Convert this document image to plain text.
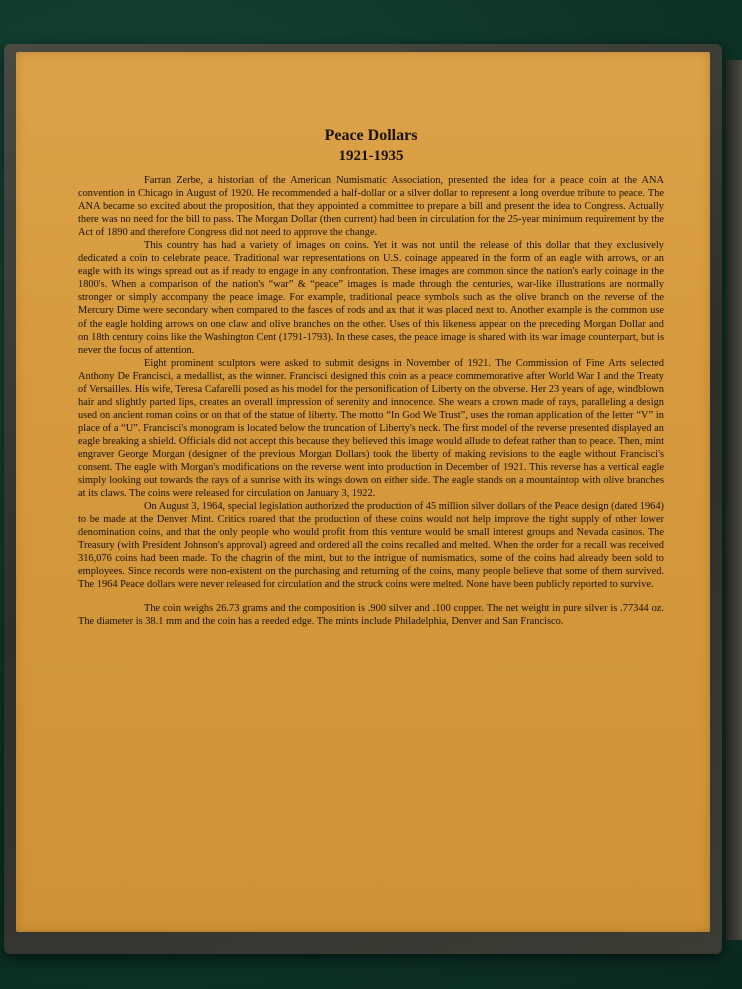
Peace Dollars

1921-1935

Farran Zerbe, a historian of the American Numismatic Association, presented the idea for a peace coin at the ANA convention in Chicago in August of 1920. He recommended a half-dollar or a silver dollar to represent a long overdue tribute to peace. The ANA became so excited about the proposition, that they appointed a committee to prepare a bill and present the idea to Congress. Actually there was no need for the bill to pass. The Morgan Dollar (then current) had been in circulation for the 25-year minimum requirement by the Act of 1890 and therefore Congress did not need to approve the change.

This country has had a variety of images on coins. Yet it was not until the release of this dollar that they exclusively dedicated a coin to celebrate peace. Traditional war representations on U.S. coinage appeared in the form of an eagle with arrows, or an eagle with its wings spread out as if ready to engage in any confrontation. These images are common since the nation's early coinage in the 1800's. When a comparison of the nation's “war” & “peace” images is made through the centuries, war-like illustrations are normally stronger or simply accompany the peace image. For example, traditional peace symbols such as the olive branch on the reverse of the Mercury Dime were secondary when compared to the fasces of rods and ax that it was placed next to. Another example is the common use of the eagle holding arrows on one claw and olive branches on the other. Uses of this likeness appear on the preceding Morgan Dollar and on 18th century coins like the Washington Cent (1791-1793). In these cases, the peace image is shared with its war image counterpart, but is never the focus of attention.

Eight prominent sculptors were asked to submit designs in November of 1921. The Commission of Fine Arts selected Anthony De Francisci, a medallist, as the winner. Francisci designed this coin as a peace commemorative after World War I and the Treaty of Versailles. His wife, Teresa Cafarelli posed as his model for the personification of Liberty on the obverse. Her 23 years of age, windblown hair and slightly parted lips, creates an overall impression of serenity and innocence. She wears a crown made of rays, paralleling a design used on ancient roman coins or on that of the statue of liberty. The motto “In God We Trust”, uses the roman application of the letter “V” in place of a “U”. Francisci's monogram is located below the truncation of Liberty's neck. The first model of the reverse presented displayed an eagle breaking a shield. Officials did not accept this because they believed this image would allude to defeat rather than to peace. Then, mint engraver George Morgan (designer of the previous Morgan Dollars) took the liberty of making revisions to the eagle without Francisci's consent. The eagle with Morgan's modifications on the reverse went into production in December of 1921. This reverse has a vertical eagle simply looking out towards the rays of a sunrise with its wings down on either side. The eagle stands on a mountaintop with olive branches at its claws. The coins were released for circulation on January 3, 1922.

On August 3, 1964, special legislation authorized the production of 45 million silver dollars of the Peace design (dated 1964) to be made at the Denver Mint. Critics roared that the production of these coins would not help improve the tight supply of other lower denomination coins, and that the only people who would profit from this venture would be small interest groups and Nevada casinos. The Treasury (with President Johnson's approval) agreed and ordered all the coins recalled and melted. When the order for a recall was received 316,076 coins had been made. To the chagrin of the mint, but to the intrigue of numismatics, some of the coins had already been sold to employees. Since records were non-existent on the purchasing and returning of the coins, many people believe that some of them survived. The 1964 Peace dollars were never released for circulation and the struck coins were melted. None have been publicly reported to survive.

The coin weighs 26.73 grams and the composition is .900 silver and .100 copper. The net weight in pure silver is .77344 oz. The diameter is 38.1 mm and the coin has a reeded edge. The mints include Philadelphia, Denver and San Francisco.
